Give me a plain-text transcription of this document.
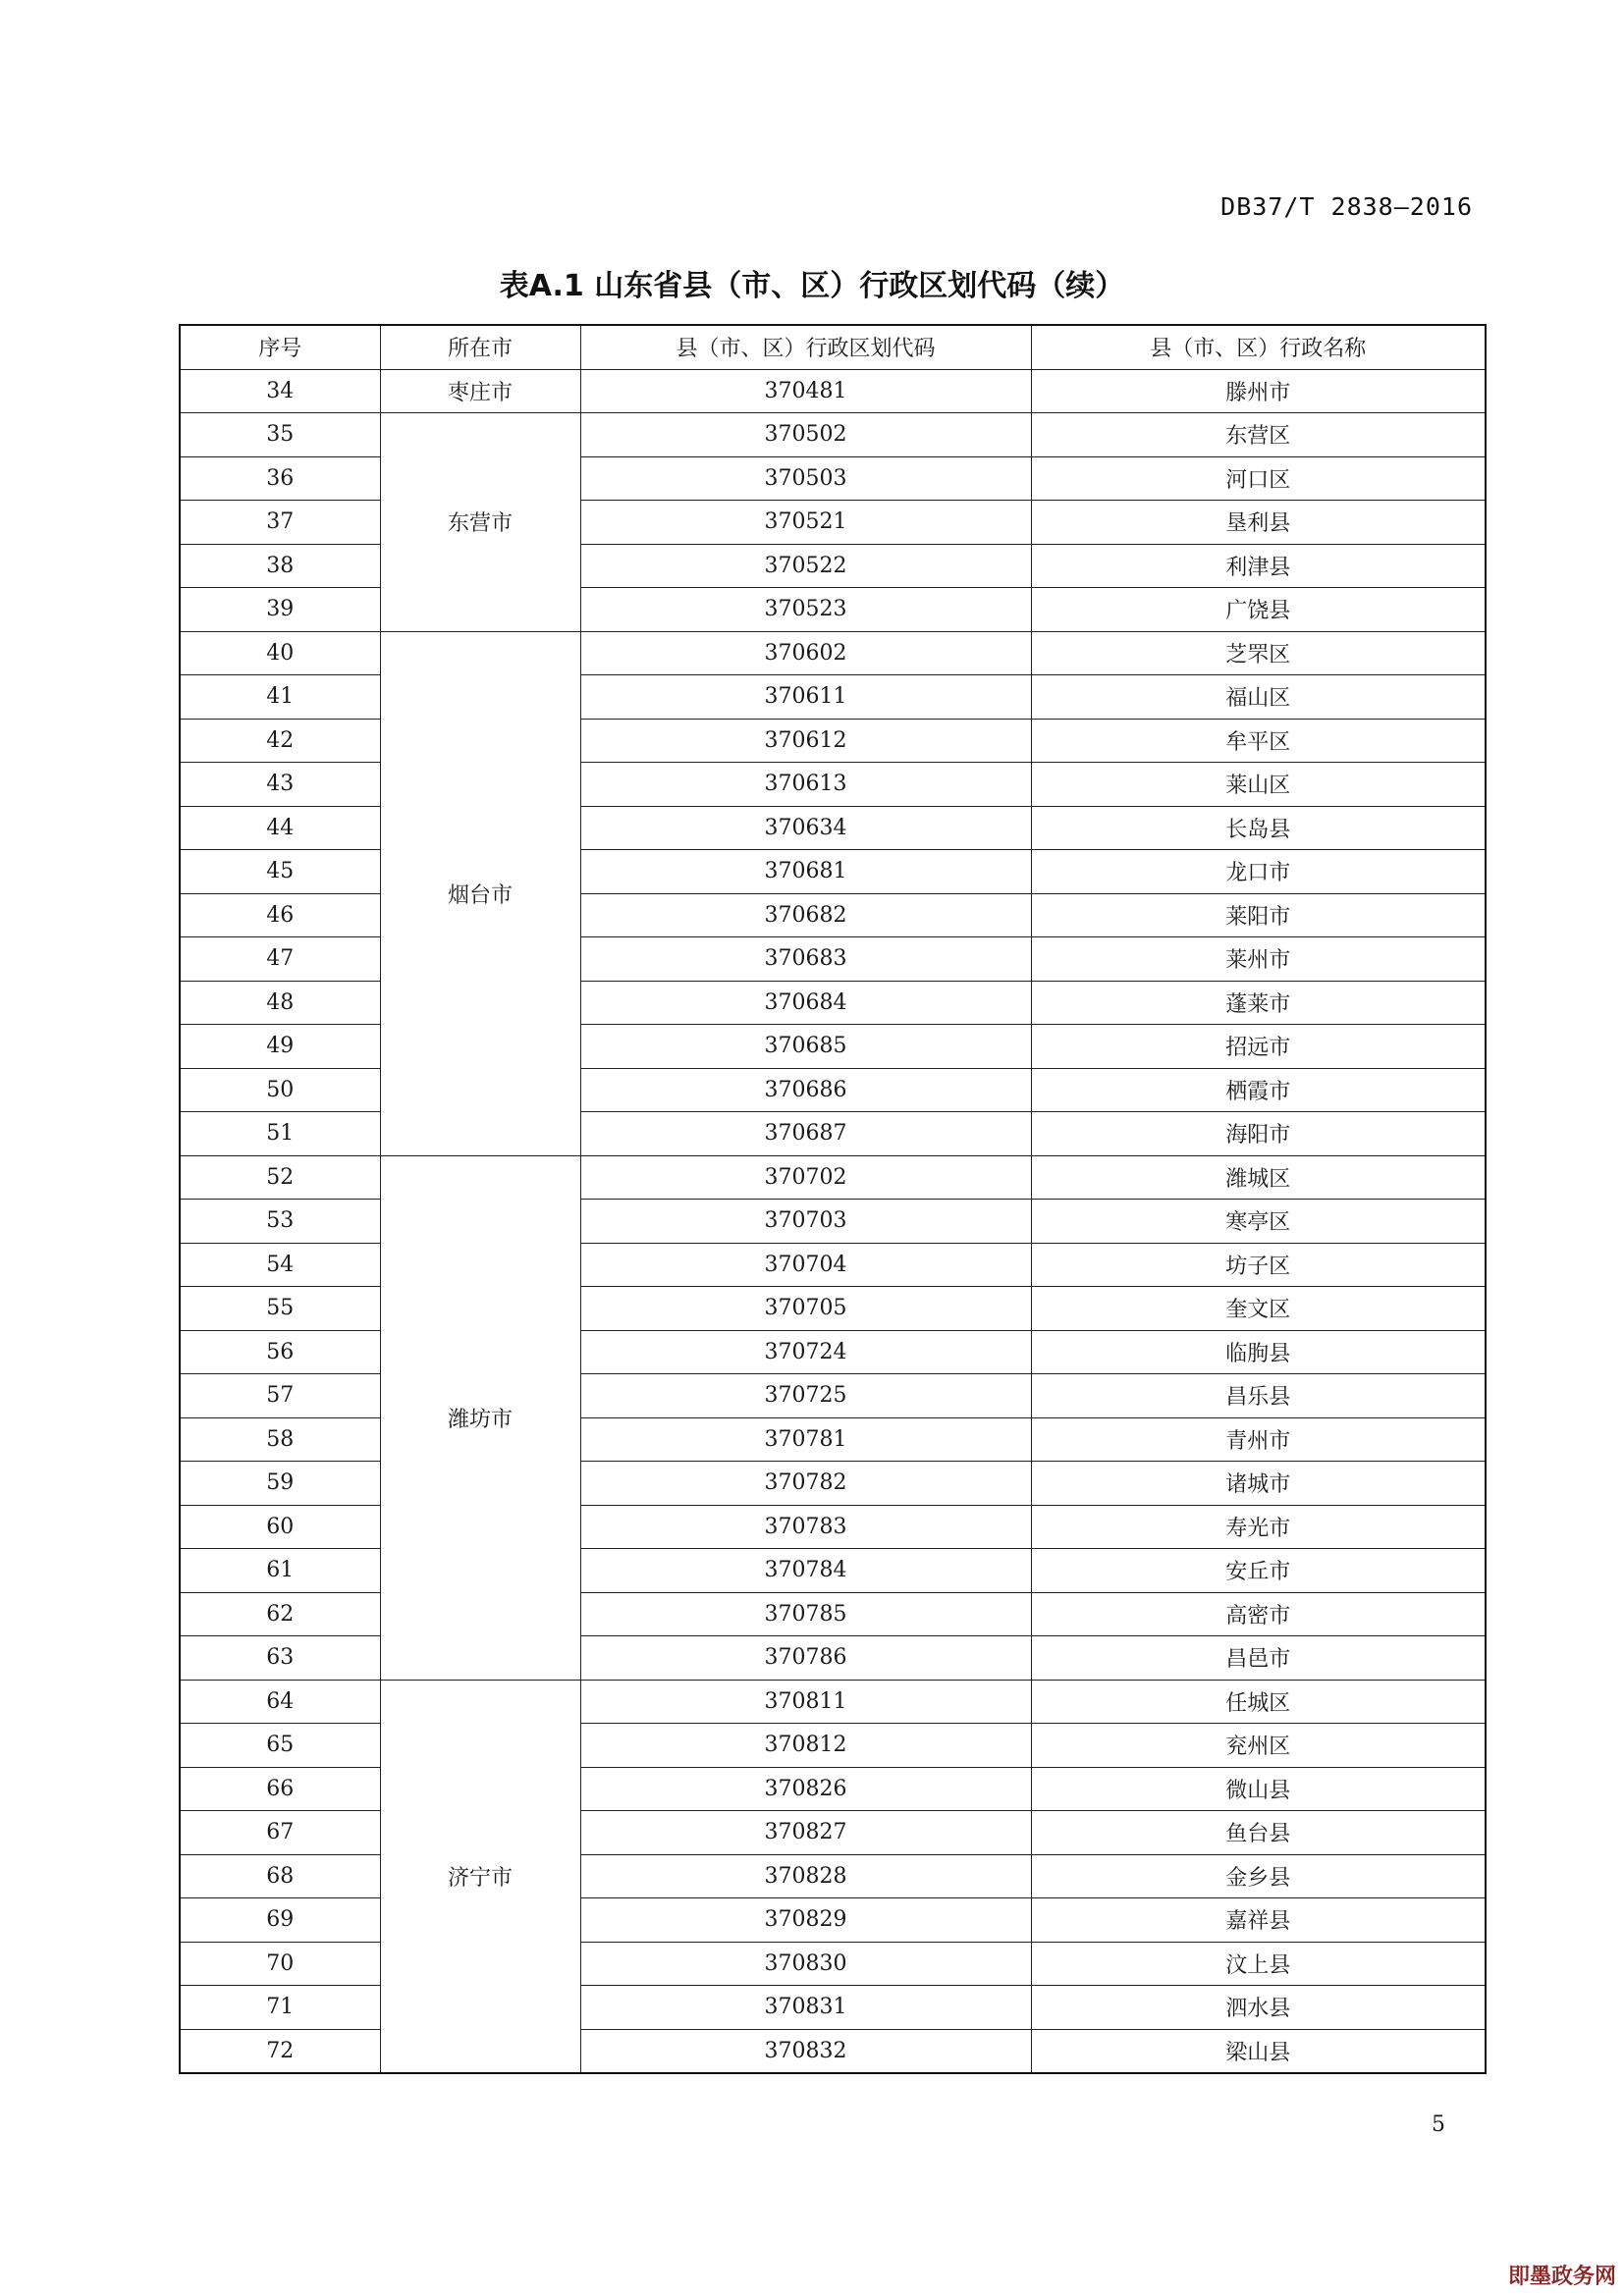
DB37/T 2838—2016
表A.1 山东省县（市、区）行政区划代码（续）
序号	所在市	县（市、区）行政区划代码	县（市、区）行政名称
34	枣庄市	370481	滕州市
35	东营市	370502	东营区
36		370503	河口区
37		370521	垦利县
38		370522	利津县
39		370523	广饶县
40	烟台市	370602	芝罘区
41		370611	福山区
42		370612	牟平区
43		370613	莱山区
44		370634	长岛县
45		370681	龙口市
46		370682	莱阳市
47		370683	莱州市
48		370684	蓬莱市
49		370685	招远市
50		370686	栖霞市
51		370687	海阳市
52	潍坊市	370702	潍城区
53		370703	寒亭区
54		370704	坊子区
55		370705	奎文区
56		370724	临朐县
57		370725	昌乐县
58		370781	青州市
59		370782	诸城市
60		370783	寿光市
61		370784	安丘市
62		370785	高密市
63		370786	昌邑市
64	济宁市	370811	任城区
65		370812	兖州区
66		370826	微山县
67		370827	鱼台县
68		370828	金乡县
69		370829	嘉祥县
70		370830	汶上县
71		370831	泗水县
72		370832	梁山县
5
即墨政务网
